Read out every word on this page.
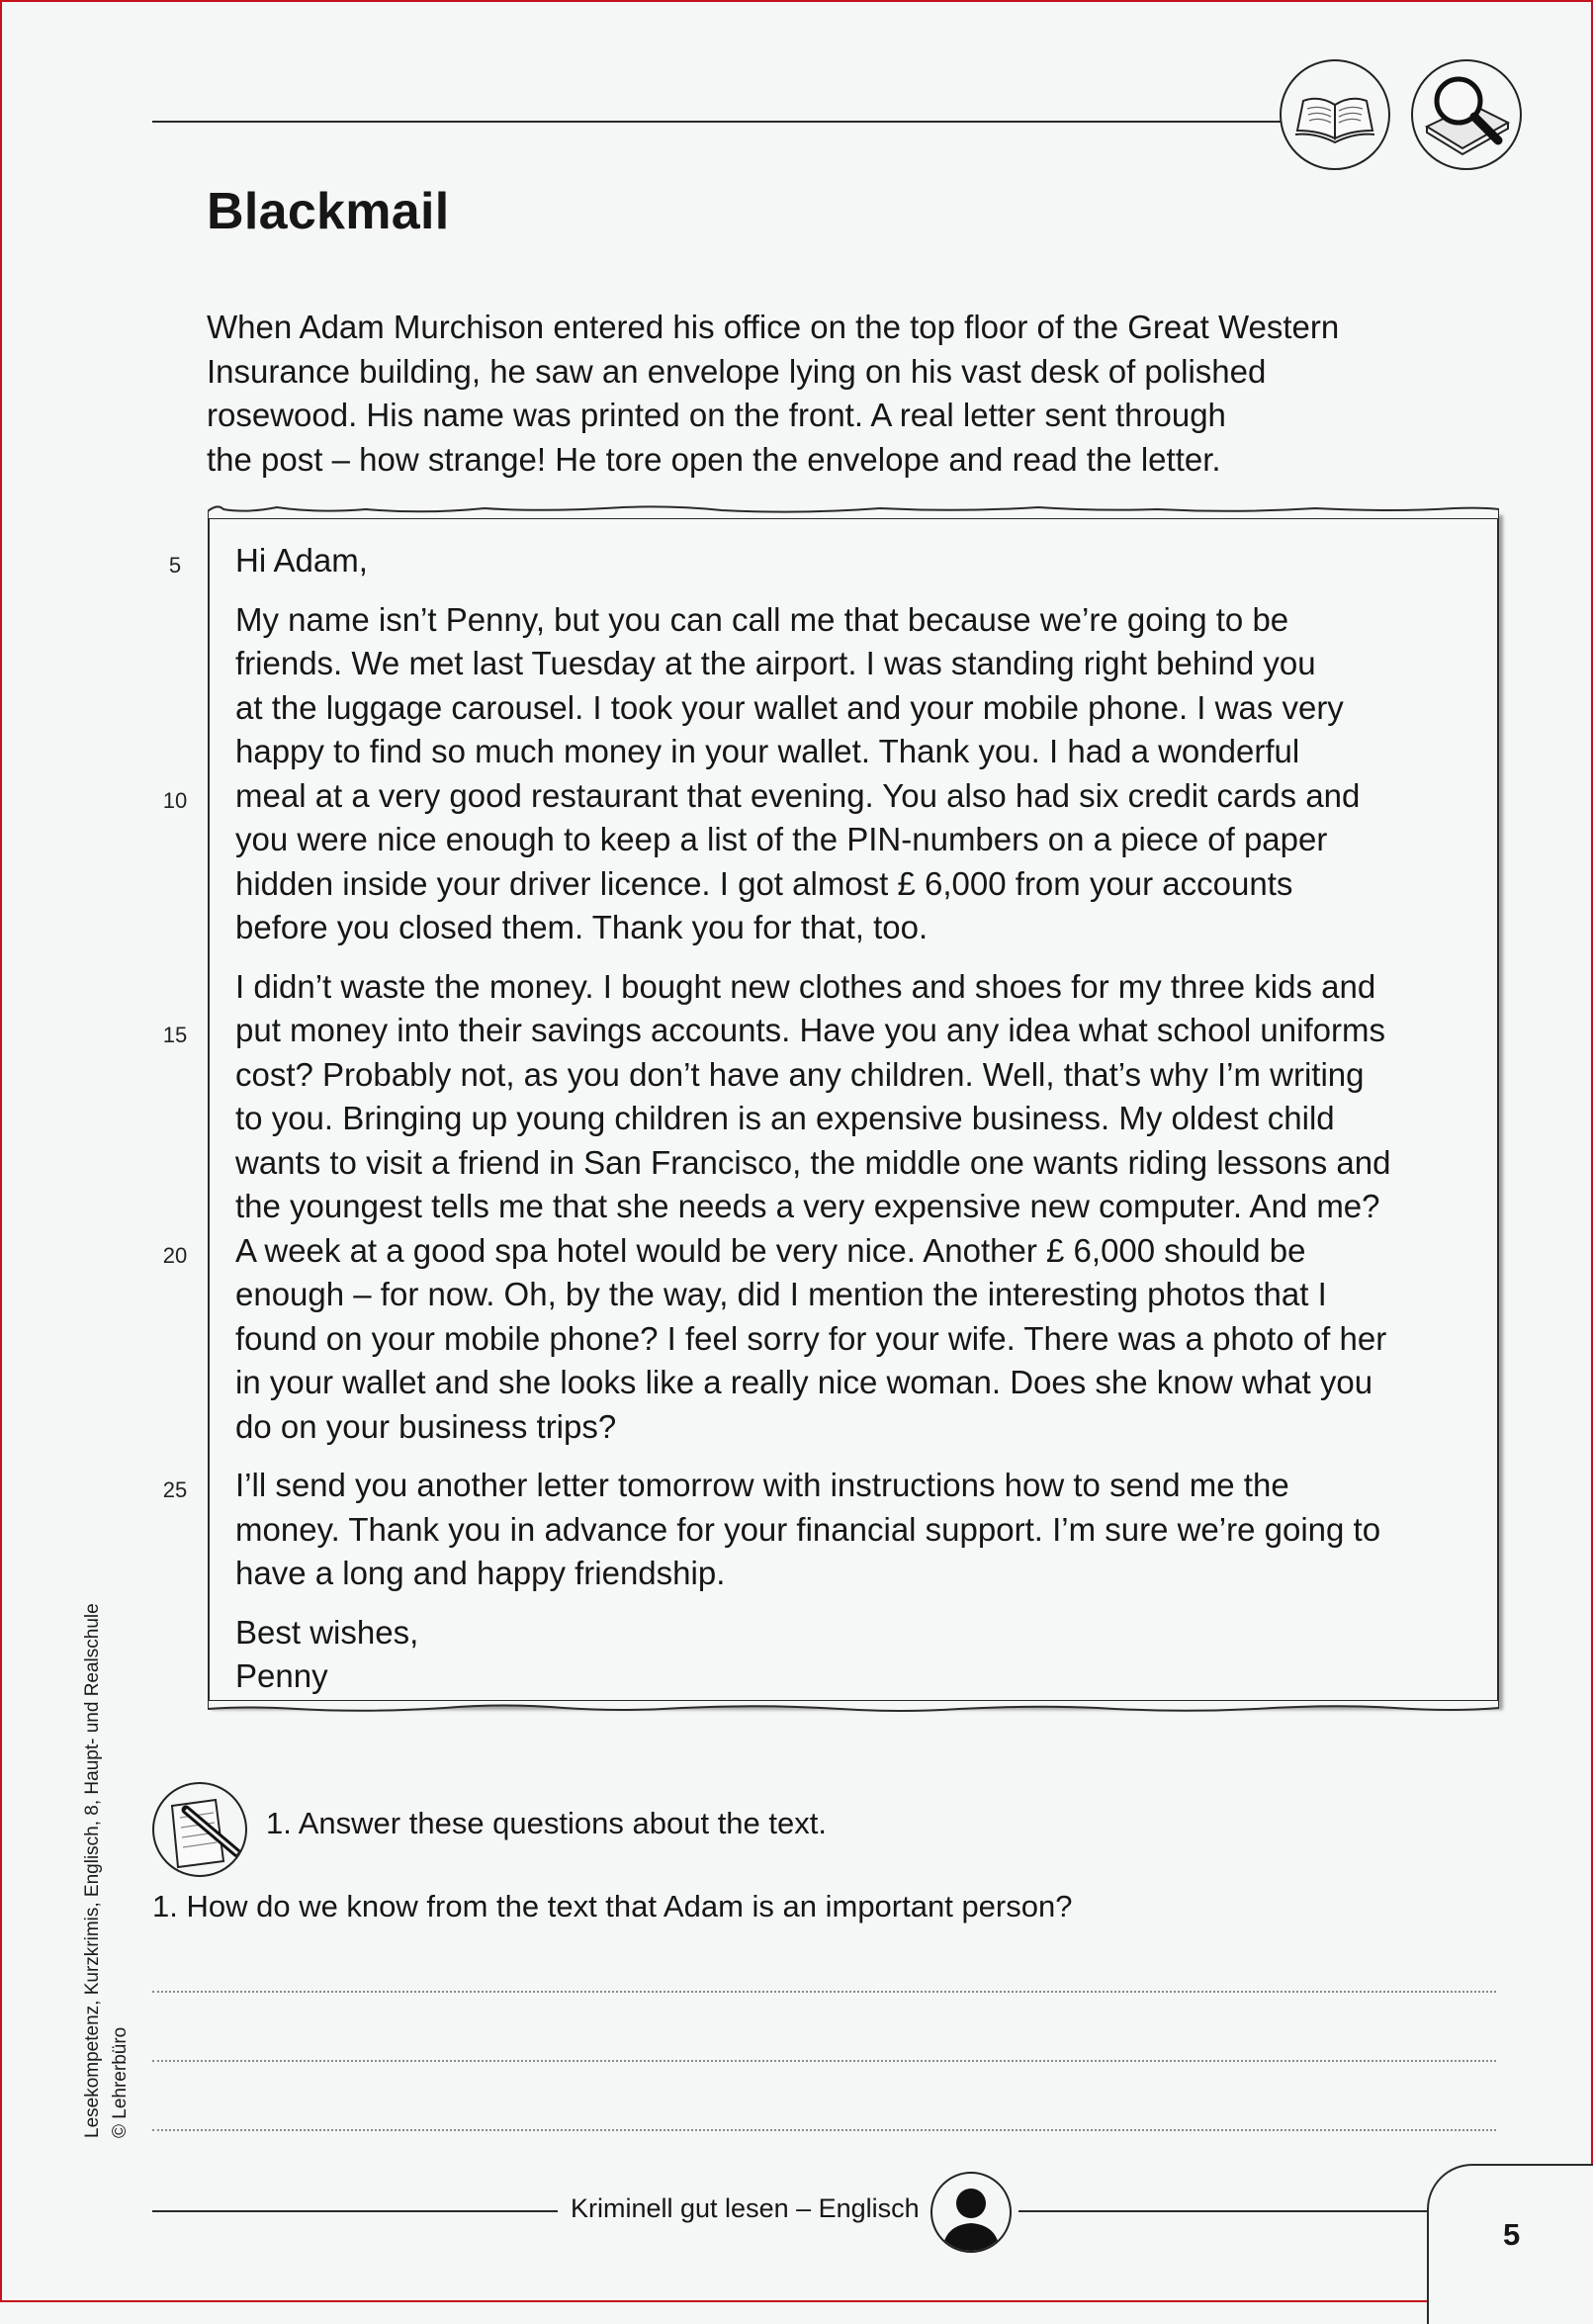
Blackmail
When Adam Murchison entered his office on the top floor of the Great Western
Insurance building, he saw an envelope lying on his vast desk of polished
rosewood. His name was printed on the front. A real letter sent through
the post – how strange! He tore open the envelope and read the letter.
Hi Adam,
My name isn’t Penny, but you can call me that because we’re going to be
friends. We met last Tuesday at the airport. I was standing right behind you
at the luggage carousel. I took your wallet and your mobile phone. I was very
happy to find so much money in your wallet. Thank you. I had a wonderful
meal at a very good restaurant that evening. You also had six credit cards and
you were nice enough to keep a list of the PIN-numbers on a piece of paper
hidden inside your driver licence. I got almost £ 6,000 from your accounts
before you closed them. Thank you for that, too.
I didn’t waste the money. I bought new clothes and shoes for my three kids and
put money into their savings accounts. Have you any idea what school uniforms
cost? Probably not, as you don’t have any children. Well, that’s why I’m writing
to you. Bringing up young children is an expensive business. My oldest child
wants to visit a friend in San Francisco, the middle one wants riding lessons and
the youngest tells me that she needs a very expensive new computer. And me?
A week at a good spa hotel would be very nice. Another £ 6,000 should be
enough – for now. Oh, by the way, did I mention the interesting photos that I
found on your mobile phone? I feel sorry for your wife. There was a photo of her
in your wallet and she looks like a really nice woman. Does she know what you
do on your business trips?
I’ll send you another letter tomorrow with instructions how to send me the
money. Thank you in advance for your financial support. I’m sure we’re going to
have a long and happy friendship.
Best wishes,
Penny
5
10
15
20
25
1. Answer these questions about the text.
1. How do we know from the text that Adam is an important person?
Lesekompetenz, Kurzkrimis, Englisch, 8, Haupt- und Realschule © Lehrerbüro
Kriminell gut lesen – Englisch
5
